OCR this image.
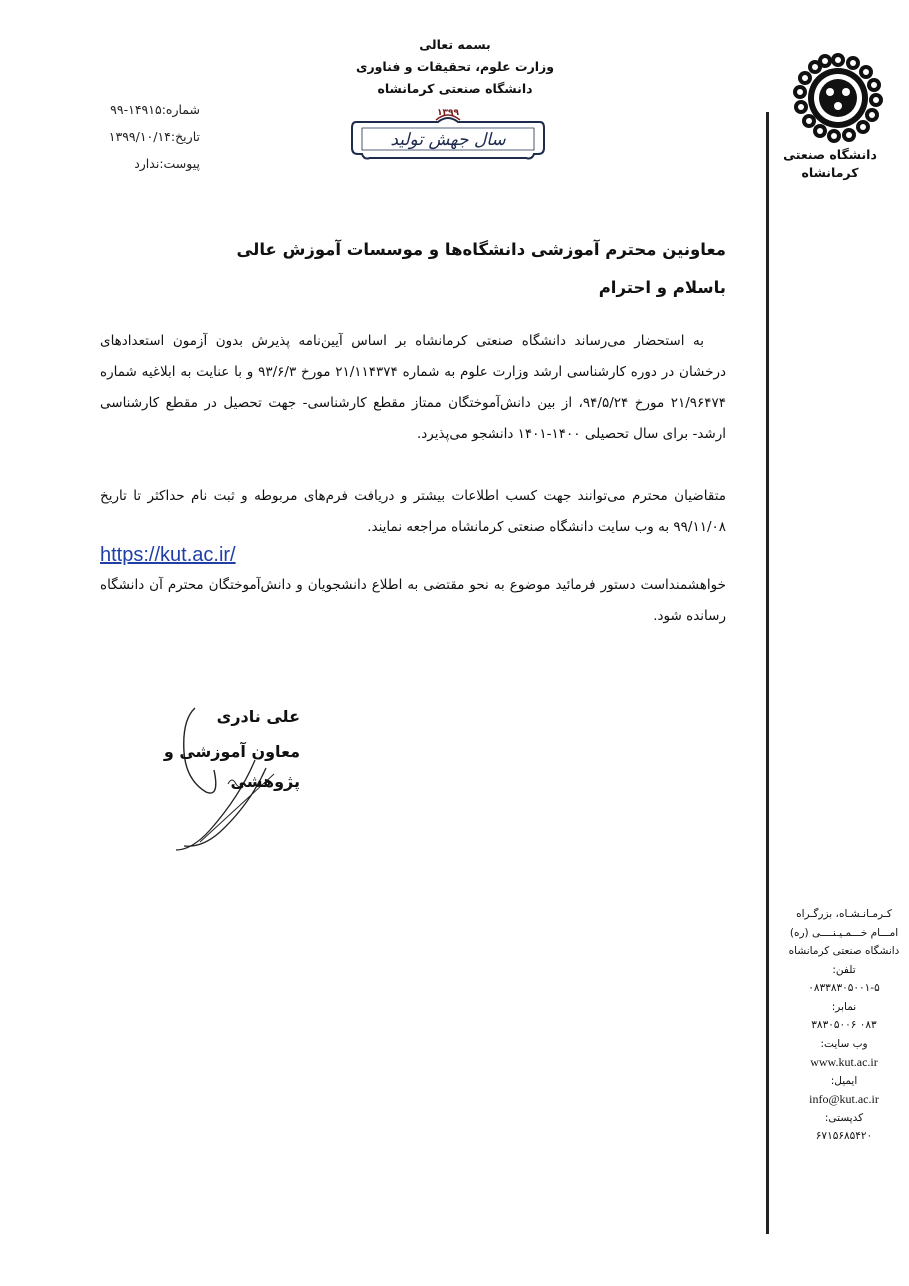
بسمه تعالی
وزارت علوم، تحقیقات و فناوری
دانشگاه صنعتی کرمانشاه
۱۳۹۹
سال جهش تولید
شماره:۱۴۹۱۵-۹۹
تاریخ:۱۳۹۹/۱۰/۱۴
پیوست:ندارد
دانشگاه صنعتی
کرمانشاه
معاونین محترم آموزشی دانشگاه‌ها و موسسات آموزش عالی
باسلام و احترام
به استحضار می‌رساند دانشگاه صنعتی کرمانشاه بر اساس آیین‌نامه پذیرش بدون آزمون استعدادهای درخشان در دوره کارشناسی ارشد وزارت علوم به شماره ۲۱/۱۱۴۳۷۴ مورخ ۹۳/۶/۳ و با عنایت به ابلاغیه شماره ۲۱/۹۶۴۷۴ مورخ ۹۴/۵/۲۴، از بین دانش‌آموختگان ممتاز مقطع کارشناسی- جهت تحصیل در مقطع کارشناسی ارشد- برای سال تحصیلی ۱۴۰۰-۱۴۰۱ دانشجو می‌پذیرد.
متقاضیان محترم می‌توانند جهت کسب اطلاعات بیشتر و دریافت فرم‌های مربوطه و ثبت نام حداکثر تا تاریخ ۹۹/۱۱/۰۸ به وب سایت دانشگاه صنعتی کرمانشاه مراجعه نمایند.
https://kut.ac.ir/
خواهشمنداست دستور فرمائید موضوع به نحو مقتضی به اطلاع دانشجویان و دانش‌آموختگان محترم آن دانشگاه رسانده شود.
علی نادری
معاون آموزشی و پژوهشی
کـرمـانـشـاه، بزرگـراه
امـــام خـــمـیـنــــی (ره)
دانشگاه صنعتی کرمانشاه
تلفن:
۰۸۳۳۸۳۰۵۰۰۱-۵
نمابر:
۰۸۳ ۳۸۳۰۵۰۰۶
وب سایت:
www.kut.ac.ir
ایمیل:
info@kut.ac.ir
کدپستی:
۶۷۱۵۶۸۵۴۲۰
